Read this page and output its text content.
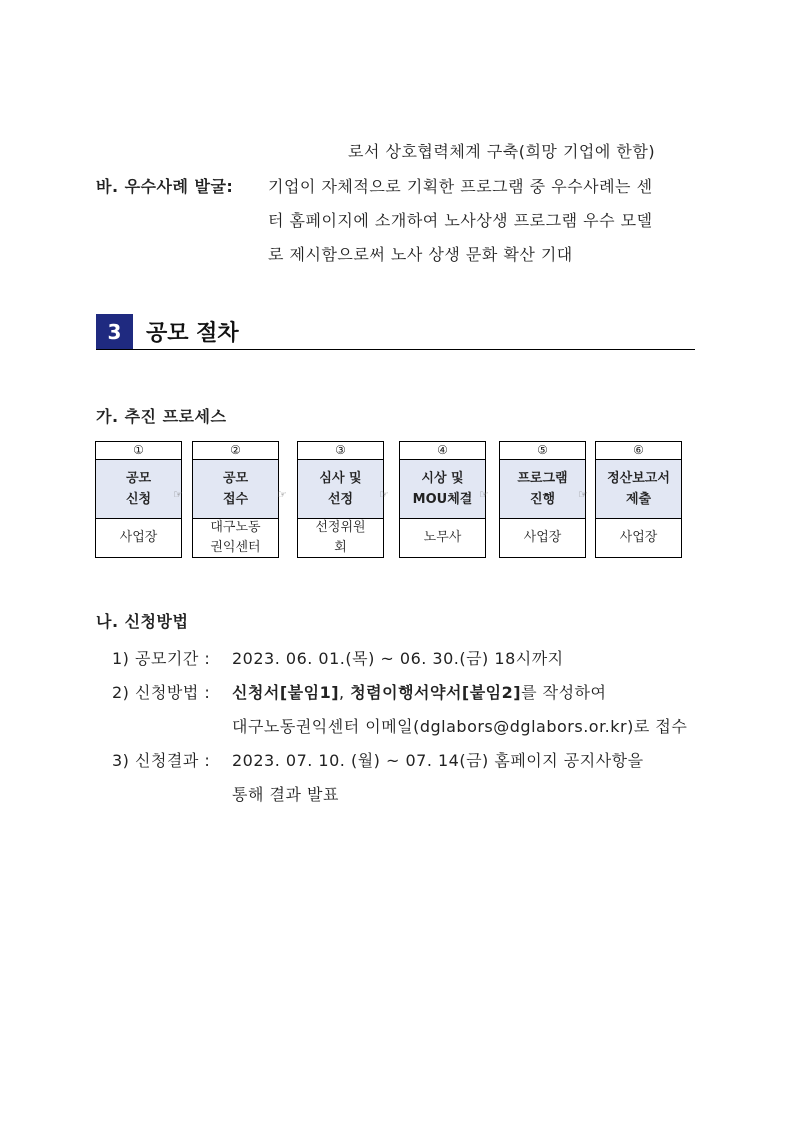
로서 상호협력체계 구축(희망 기업에 한함)
바. 우수사례 발굴: 기업이 자체적으로 기획한 프로그램 중 우수사례는 센
터 홈페이지에 소개하여 노사상생 프로그램 우수 모델
로 제시함으로써 노사 상생 문화 확산 기대
3	공모 절차
가. 추진 프로세스
①
공모
신청
사업장
☞
②
공모
접수
대구노동
권익센터
☞
③
심사 및
선정
선정위원
회
☞
④
시상 및
MOU체결
노무사
☞
⑤
프로그램
진행
사업장
☞
⑥
정산보고서
제출
사업장
나. 신청방법
1) 공모기간 : 2023. 06. 01.(목) ~ 06. 30.(금) 18시까지
2) 신청방법 : 신청서[붙임1], 청렴이행서약서[붙임2]를 작성하여
대구노동권익센터 이메일(dglabors@dglabors.or.kr)로 접수
3) 신청결과 : 2023. 07. 10. (월) ~ 07. 14(금) 홈페이지 공지사항을
통해 결과 발표
